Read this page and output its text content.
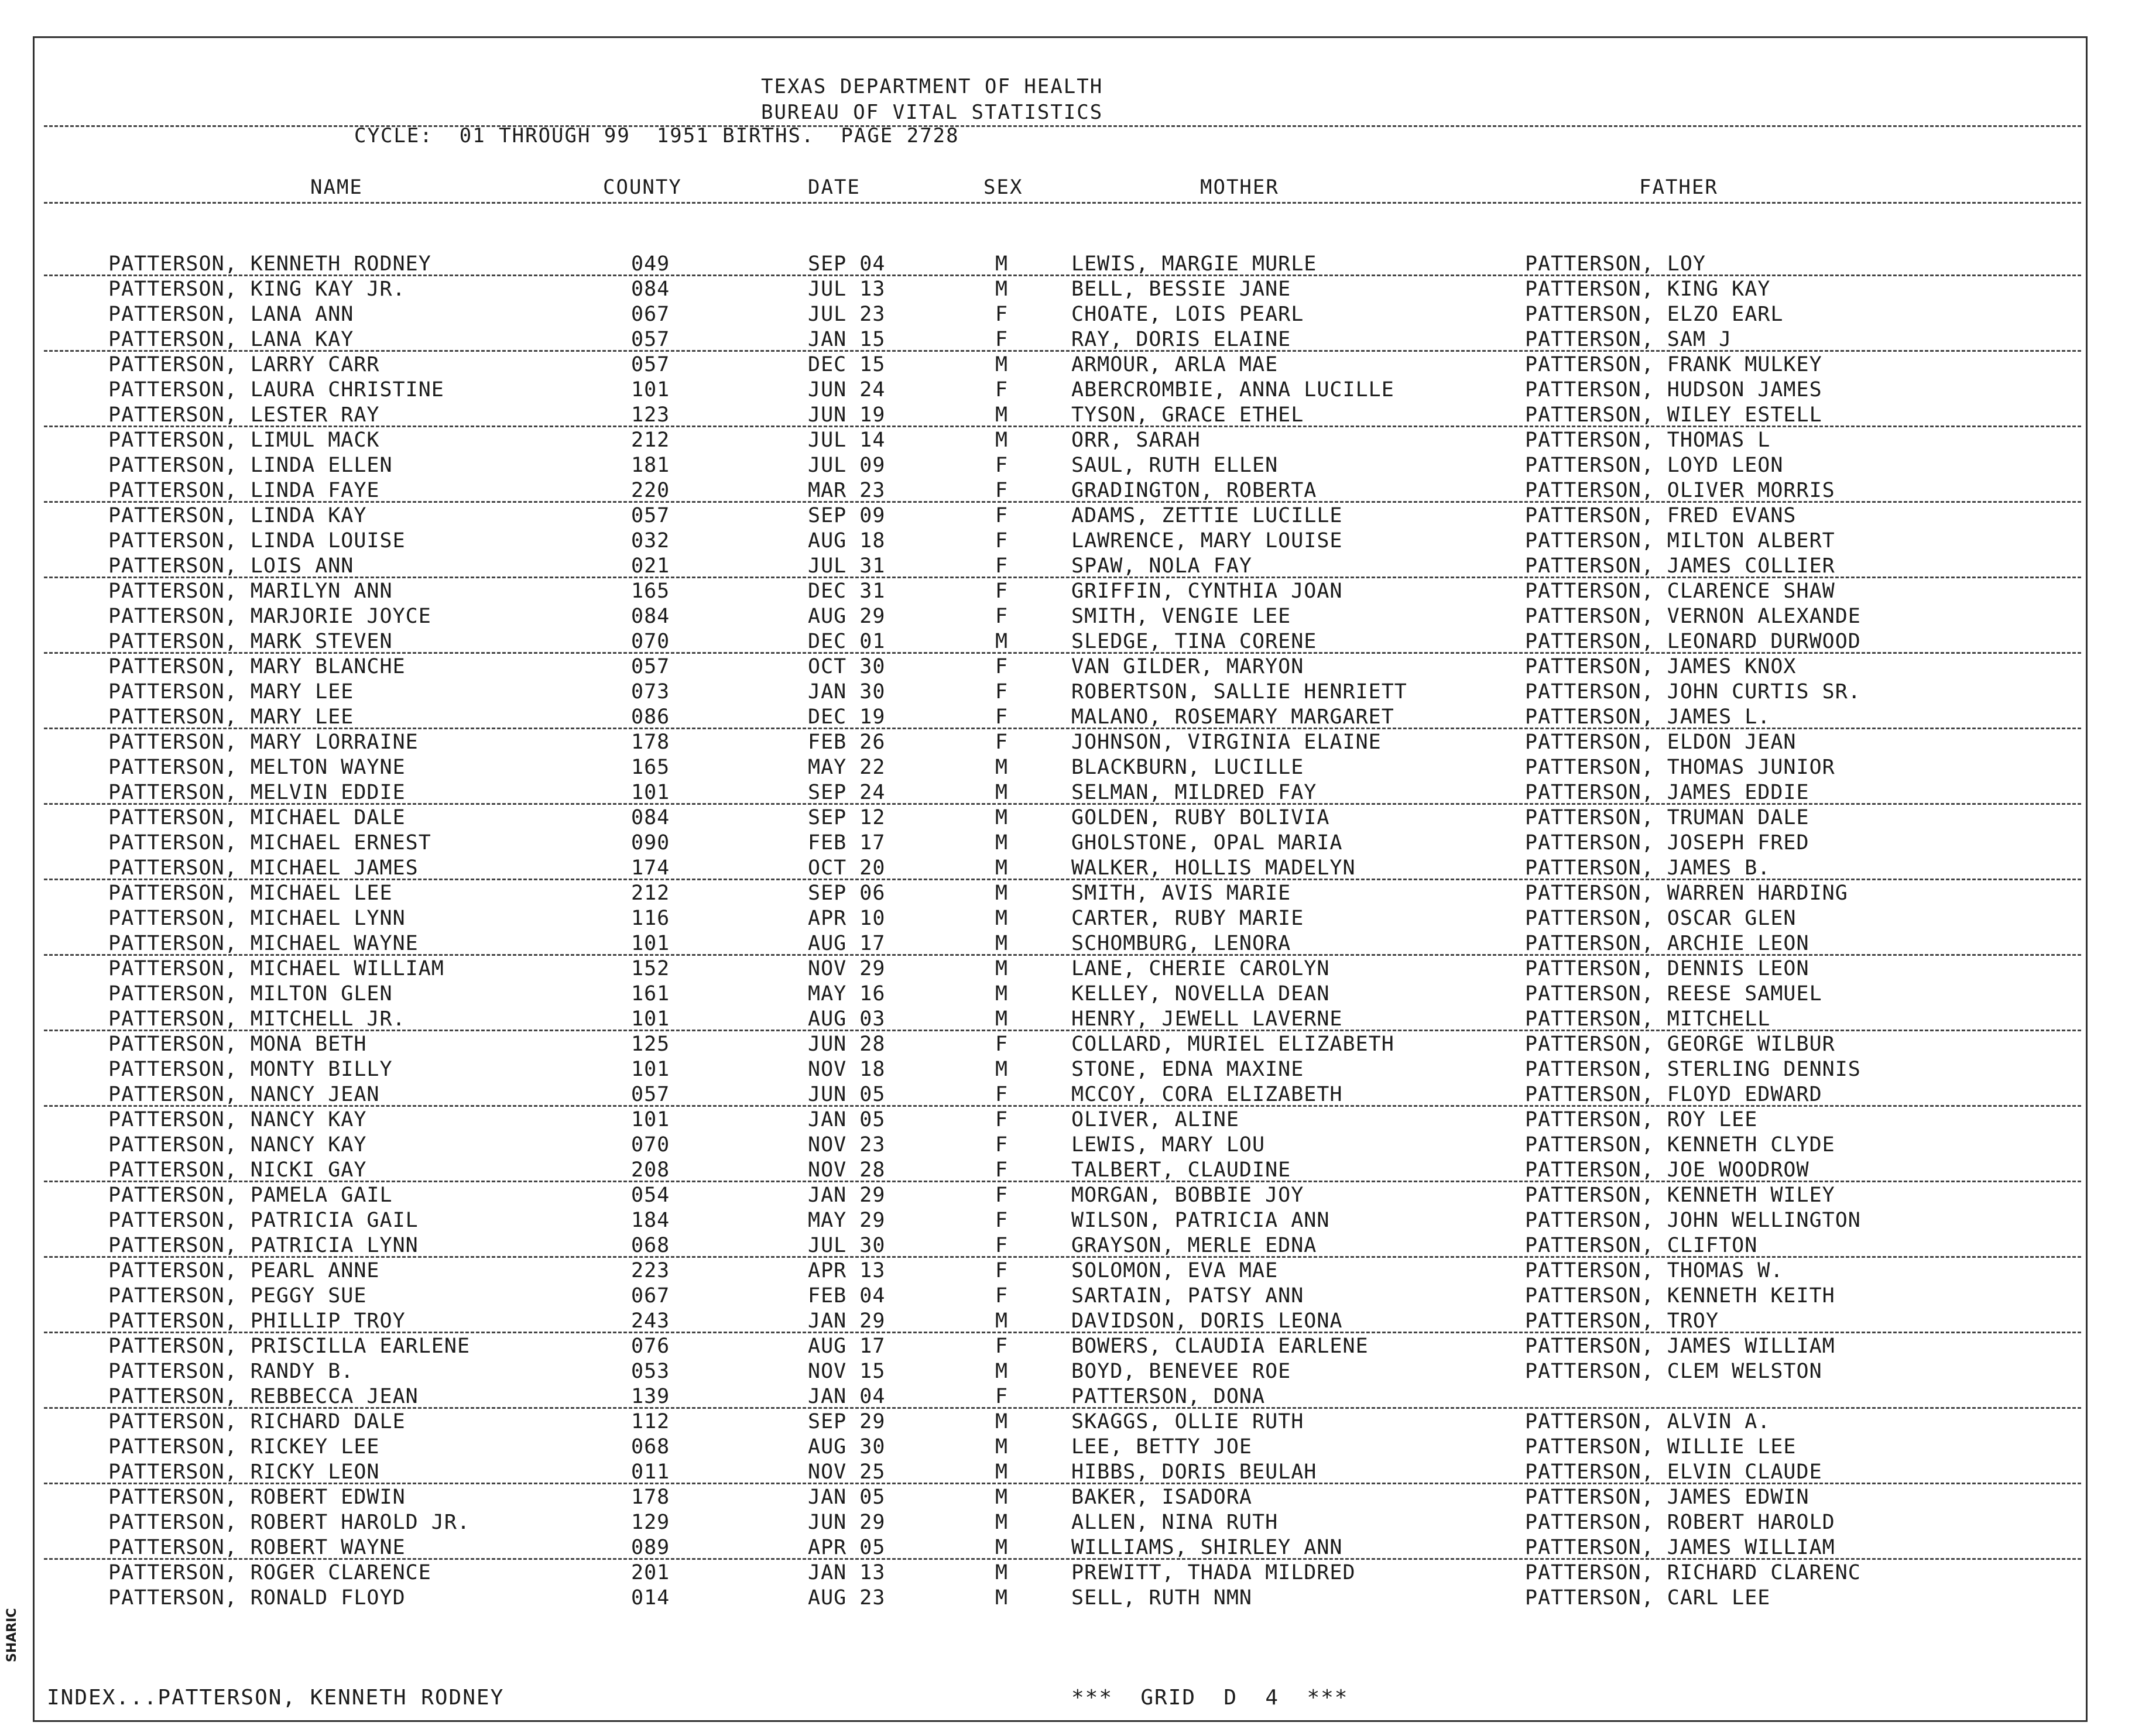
TEXAS DEPARTMENT OF HEALTH
BUREAU OF VITAL STATISTICS
CYCLE:  01 THROUGH 99  1951 BIRTHS.  PAGE 2728
NAME	COUNTY	DATE	SEX	MOTHER	FATHER
PATTERSON, KENNETH RODNEY	049	SEP 04	M	LEWIS, MARGIE MURLE	PATTERSON, LOY
PATTERSON, KING KAY JR.	084	JUL 13	M	BELL, BESSIE JANE	PATTERSON, KING KAY
PATTERSON, LANA ANN	067	JUL 23	F	CHOATE, LOIS PEARL	PATTERSON, ELZO EARL
PATTERSON, LANA KAY	057	JAN 15	F	RAY, DORIS ELAINE	PATTERSON, SAM J
PATTERSON, LARRY CARR	057	DEC 15	M	ARMOUR, ARLA MAE	PATTERSON, FRANK MULKEY
PATTERSON, LAURA CHRISTINE	101	JUN 24	F	ABERCROMBIE, ANNA LUCILLE	PATTERSON, HUDSON JAMES
PATTERSON, LESTER RAY	123	JUN 19	M	TYSON, GRACE ETHEL	PATTERSON, WILEY ESTELL
PATTERSON, LIMUL MACK	212	JUL 14	M	ORR, SARAH	PATTERSON, THOMAS L
PATTERSON, LINDA ELLEN	181	JUL 09	F	SAUL, RUTH ELLEN	PATTERSON, LOYD LEON
PATTERSON, LINDA FAYE	220	MAR 23	F	GRADINGTON, ROBERTA	PATTERSON, OLIVER MORRIS
PATTERSON, LINDA KAY	057	SEP 09	F	ADAMS, ZETTIE LUCILLE	PATTERSON, FRED EVANS
PATTERSON, LINDA LOUISE	032	AUG 18	F	LAWRENCE, MARY LOUISE	PATTERSON, MILTON ALBERT
PATTERSON, LOIS ANN	021	JUL 31	F	SPAW, NOLA FAY	PATTERSON, JAMES COLLIER
PATTERSON, MARILYN ANN	165	DEC 31	F	GRIFFIN, CYNTHIA JOAN	PATTERSON, CLARENCE SHAW
PATTERSON, MARJORIE JOYCE	084	AUG 29	F	SMITH, VENGIE LEE	PATTERSON, VERNON ALEXANDE
PATTERSON, MARK STEVEN	070	DEC 01	M	SLEDGE, TINA CORENE	PATTERSON, LEONARD DURWOOD
PATTERSON, MARY BLANCHE	057	OCT 30	F	VAN GILDER, MARYON	PATTERSON, JAMES KNOX
PATTERSON, MARY LEE	073	JAN 30	F	ROBERTSON, SALLIE HENRIETT	PATTERSON, JOHN CURTIS SR.
PATTERSON, MARY LEE	086	DEC 19	F	MALANO, ROSEMARY MARGARET	PATTERSON, JAMES L.
PATTERSON, MARY LORRAINE	178	FEB 26	F	JOHNSON, VIRGINIA ELAINE	PATTERSON, ELDON JEAN
PATTERSON, MELTON WAYNE	165	MAY 22	M	BLACKBURN, LUCILLE	PATTERSON, THOMAS JUNIOR
PATTERSON, MELVIN EDDIE	101	SEP 24	M	SELMAN, MILDRED FAY	PATTERSON, JAMES EDDIE
PATTERSON, MICHAEL DALE	084	SEP 12	M	GOLDEN, RUBY BOLIVIA	PATTERSON, TRUMAN DALE
PATTERSON, MICHAEL ERNEST	090	FEB 17	M	GHOLSTONE, OPAL MARIA	PATTERSON, JOSEPH FRED
PATTERSON, MICHAEL JAMES	174	OCT 20	M	WALKER, HOLLIS MADELYN	PATTERSON, JAMES B.
PATTERSON, MICHAEL LEE	212	SEP 06	M	SMITH, AVIS MARIE	PATTERSON, WARREN HARDING
PATTERSON, MICHAEL LYNN	116	APR 10	M	CARTER, RUBY MARIE	PATTERSON, OSCAR GLEN
PATTERSON, MICHAEL WAYNE	101	AUG 17	M	SCHOMBURG, LENORA	PATTERSON, ARCHIE LEON
PATTERSON, MICHAEL WILLIAM	152	NOV 29	M	LANE, CHERIE CAROLYN	PATTERSON, DENNIS LEON
PATTERSON, MILTON GLEN	161	MAY 16	M	KELLEY, NOVELLA DEAN	PATTERSON, REESE SAMUEL
PATTERSON, MITCHELL JR.	101	AUG 03	M	HENRY, JEWELL LAVERNE	PATTERSON, MITCHELL
PATTERSON, MONA BETH	125	JUN 28	F	COLLARD, MURIEL ELIZABETH	PATTERSON, GEORGE WILBUR
PATTERSON, MONTY BILLY	101	NOV 18	M	STONE, EDNA MAXINE	PATTERSON, STERLING DENNIS
PATTERSON, NANCY JEAN	057	JUN 05	F	MCCOY, CORA ELIZABETH	PATTERSON, FLOYD EDWARD
PATTERSON, NANCY KAY	101	JAN 05	F	OLIVER, ALINE	PATTERSON, ROY LEE
PATTERSON, NANCY KAY	070	NOV 23	F	LEWIS, MARY LOU	PATTERSON, KENNETH CLYDE
PATTERSON, NICKI GAY	208	NOV 28	F	TALBERT, CLAUDINE	PATTERSON, JOE WOODROW
PATTERSON, PAMELA GAIL	054	JAN 29	F	MORGAN, BOBBIE JOY	PATTERSON, KENNETH WILEY
PATTERSON, PATRICIA GAIL	184	MAY 29	F	WILSON, PATRICIA ANN	PATTERSON, JOHN WELLINGTON
PATTERSON, PATRICIA LYNN	068	JUL 30	F	GRAYSON, MERLE EDNA	PATTERSON, CLIFTON
PATTERSON, PEARL ANNE	223	APR 13	F	SOLOMON, EVA MAE	PATTERSON, THOMAS W.
PATTERSON, PEGGY SUE	067	FEB 04	F	SARTAIN, PATSY ANN	PATTERSON, KENNETH KEITH
PATTERSON, PHILLIP TROY	243	JAN 29	M	DAVIDSON, DORIS LEONA	PATTERSON, TROY
PATTERSON, PRISCILLA EARLENE	076	AUG 17	F	BOWERS, CLAUDIA EARLENE	PATTERSON, JAMES WILLIAM
PATTERSON, RANDY B.	053	NOV 15	M	BOYD, BENEVEE ROE	PATTERSON, CLEM WELSTON
PATTERSON, REBBECCA JEAN	139	JAN 04	F	PATTERSON, DONA
PATTERSON, RICHARD DALE	112	SEP 29	M	SKAGGS, OLLIE RUTH	PATTERSON, ALVIN A.
PATTERSON, RICKEY LEE	068	AUG 30	M	LEE, BETTY JOE	PATTERSON, WILLIE LEE
PATTERSON, RICKY LEON	011	NOV 25	M	HIBBS, DORIS BEULAH	PATTERSON, ELVIN CLAUDE
PATTERSON, ROBERT EDWIN	178	JAN 05	M	BAKER, ISADORA	PATTERSON, JAMES EDWIN
PATTERSON, ROBERT HAROLD JR.	129	JUN 29	M	ALLEN, NINA RUTH	PATTERSON, ROBERT HAROLD
PATTERSON, ROBERT WAYNE	089	APR 05	M	WILLIAMS, SHIRLEY ANN	PATTERSON, JAMES WILLIAM
PATTERSON, ROGER CLARENCE	201	JAN 13	M	PREWITT, THADA MILDRED	PATTERSON, RICHARD CLARENC
PATTERSON, RONALD FLOYD	014	AUG 23	M	SELL, RUTH NMN	PATTERSON, CARL LEE
INDEX...PATTERSON, KENNETH RODNEY	***  GRID  D  4  ***
SHARIC
